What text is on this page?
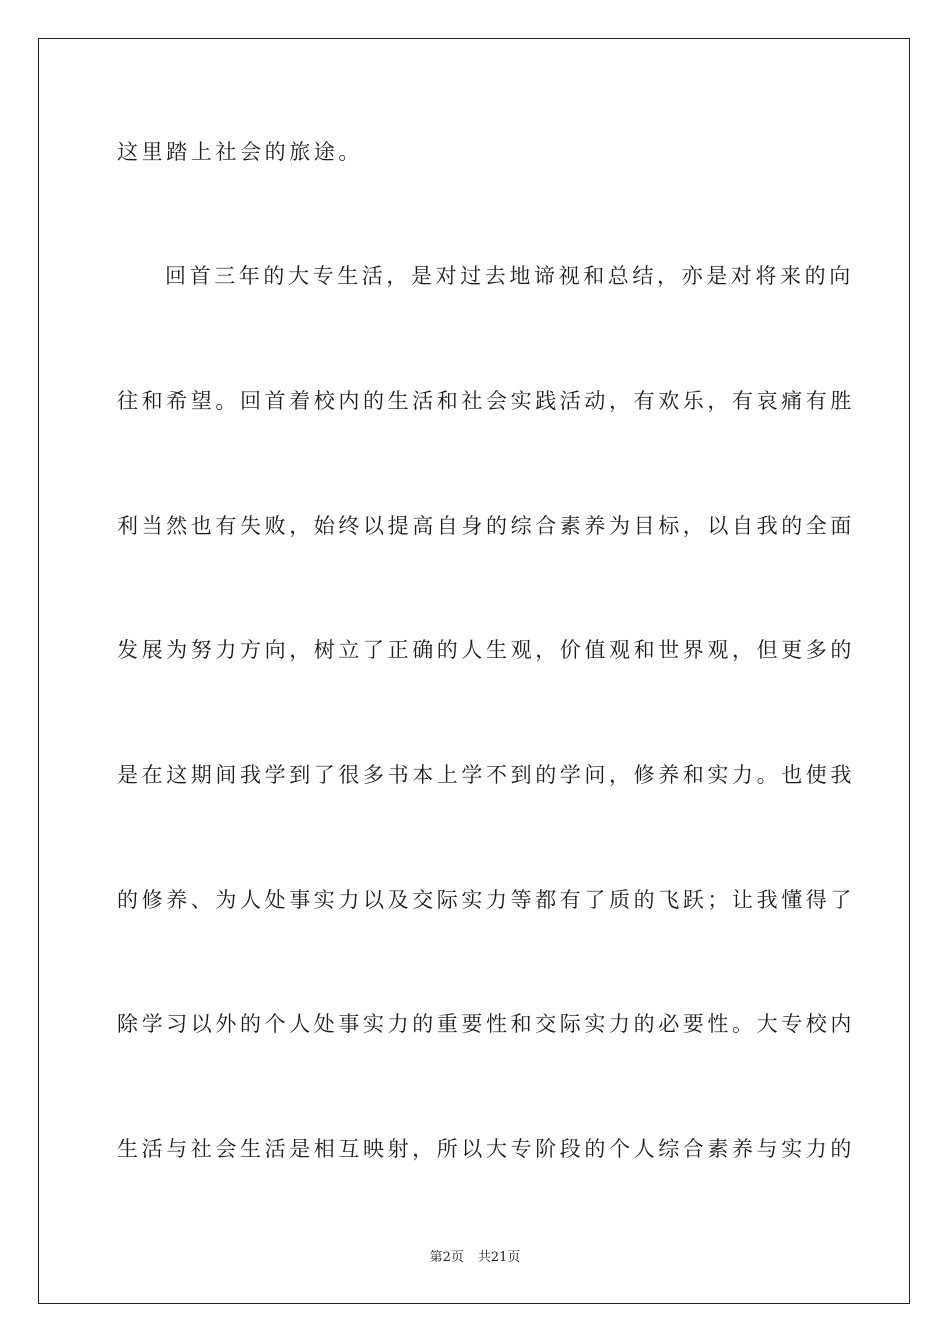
这里踏上社会的旅途。
回首三年的大专生活，是对过去地谛视和总结，亦是对将来的向
往和希望。回首着校内的生活和社会实践活动，有欢乐，有哀痛有胜
利当然也有失败，始终以提高自身的综合素养为目标，以自我的全面
发展为努力方向，树立了正确的人生观，价值观和世界观，但更多的
是在这期间我学到了很多书本上学不到的学问，修养和实力。也使我
的修养、为人处事实力以及交际实力等都有了质的飞跃；让我懂得了
除学习以外的个人处事实力的重要性和交际实力的必要性。大专校内
生活与社会生活是相互映射，所以大专阶段的个人综合素养与实力的
第2页 共21页
